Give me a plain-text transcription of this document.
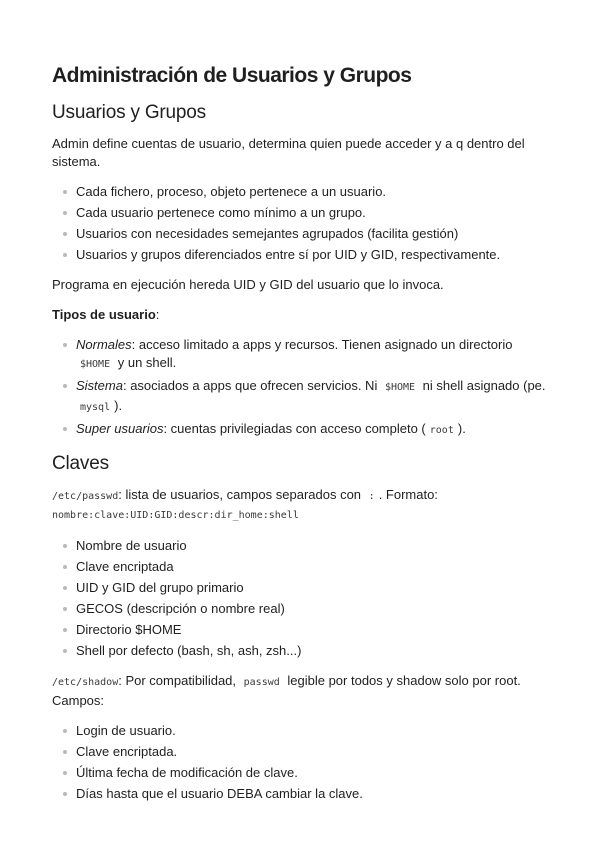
Administración de Usuarios y Grupos
Usuarios y Grupos

Admin define cuentas de usuario, determina quien puede acceder y a q dentro del sistema.

Cada fichero, proceso, objeto pertenece a un usuario.
Cada usuario pertenece como mínimo a un grupo.
Usuarios con necesidades semejantes agrupados (facilita gestión)
Usuarios y grupos diferenciados entre sí por UID y GID, respectivamente.

Programa en ejecución hereda UID y GID del usuario que lo invoca.

Tipos de usuario:

Normales: acceso limitado a apps y recursos. Tienen asignado un directorio $HOME y un shell.
Sistema: asociados a apps que ofrecen servicios. Ni $HOME ni shell asignado (pe. mysql ).
Super usuarios: cuentas privilegiadas con acceso completo ( root ).
Claves

/etc/passwd: lista de usuarios, campos separados con : . Formato:
nombre:clave:UID:GID:descr:dir_home:shell

Nombre de usuario
Clave encriptada
UID y GID del grupo primario
GECOS (descripción o nombre real)
Directorio $HOME
Shell por defecto (bash, sh, ash, zsh...)

/etc/shadow: Por compatibilidad, passwd legible por todos y shadow solo por root. Campos:

Login de usuario.
Clave encriptada.
Última fecha de modificación de clave.
Días hasta que el usuario DEBA cambiar la clave.
